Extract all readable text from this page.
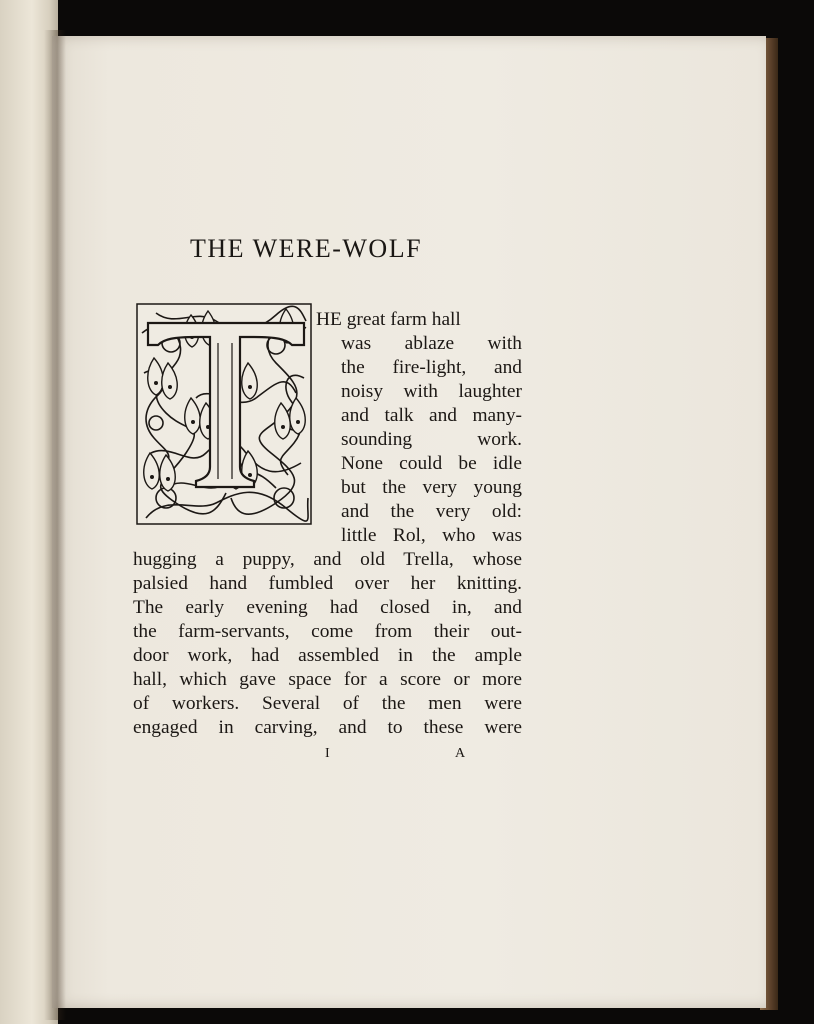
THE WERE-WOLF
HE great farm hall
was ablaze with
the fire-light, and
noisy with laughter
and talk and many-
sounding work.
None could be idle
but the very young
and the very old:
little Rol, who was
hugging a puppy, and old Trella, whose
palsied hand fumbled over her knitting.
The early evening had closed in, and
the farm-servants, come from their out-
door work, had assembled in the ample
hall, which gave space for a score or more
of workers. Several of the men were
engaged in carving, and to these were
I	A
